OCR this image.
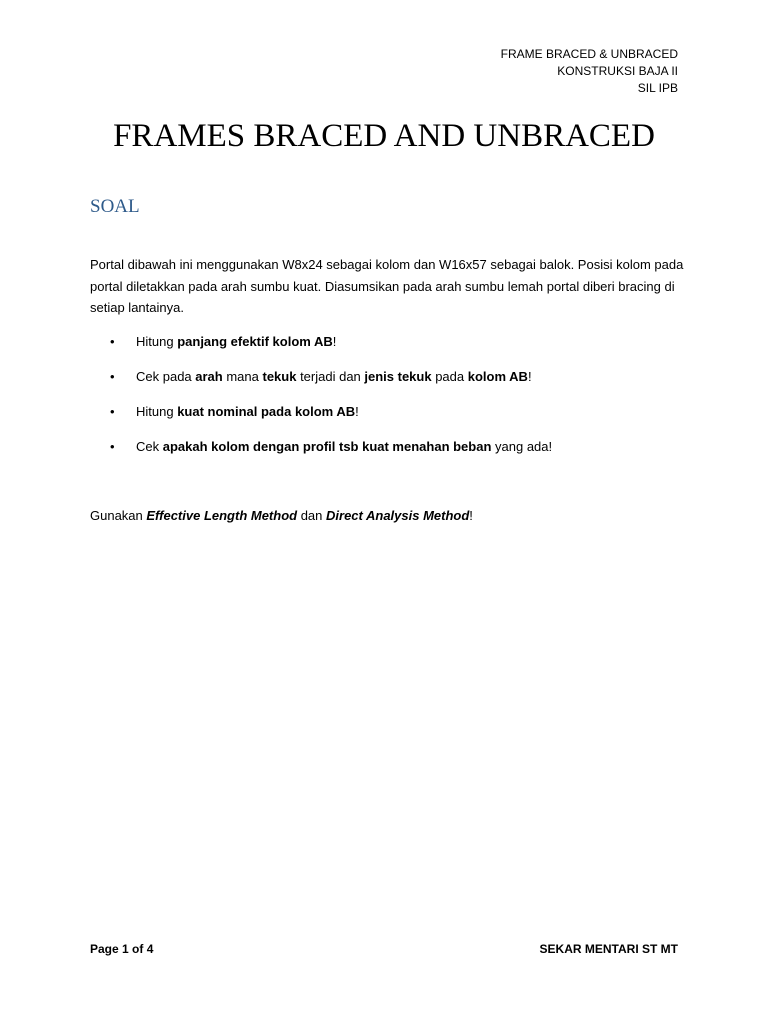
FRAME BRACED & UNBRACED
KONSTRUKSI BAJA II
SIL IPB
FRAMES BRACED AND UNBRACED
SOAL

Portal dibawah ini menggunakan W8x24 sebagai kolom dan W16x57 sebagai balok. Posisi kolom pada portal diletakkan pada arah sumbu kuat. Diasumsikan pada arah sumbu lemah portal diberi bracing di setiap lantainya.

• Hitung panjang efektif kolom AB!
• Cek pada arah mana tekuk terjadi dan jenis tekuk pada kolom AB!
• Hitung kuat nominal pada kolom AB!
• Cek apakah kolom dengan profil tsb kuat menahan beban yang ada!

Gunakan Effective Length Method dan Direct Analysis Method!

Page 1 of 4	SEKAR MENTARI ST MT
